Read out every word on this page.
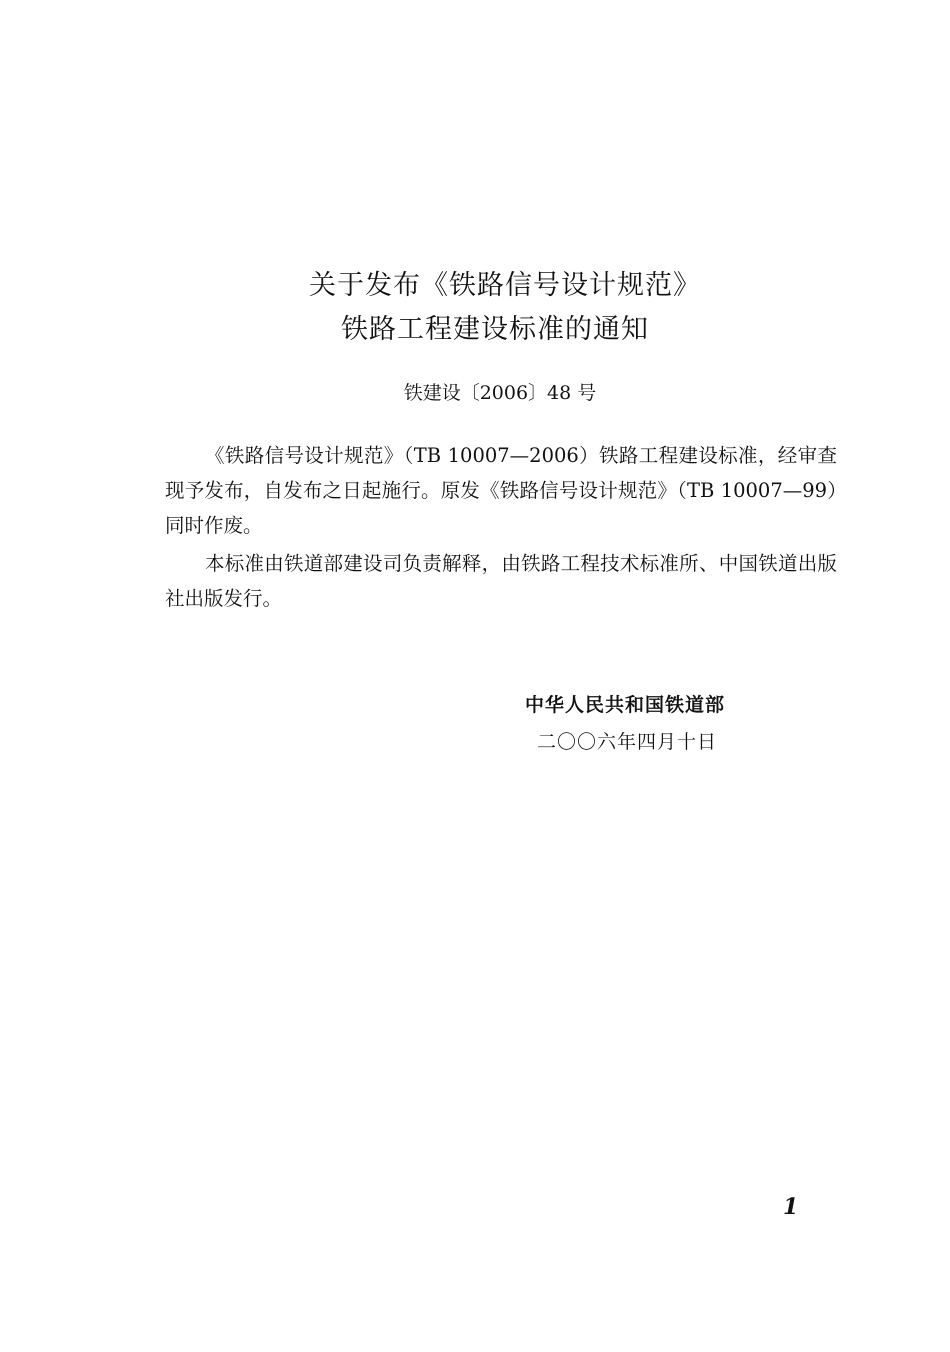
关于发布《铁路信号设计规范》
铁路工程建设标准的通知
铁建设〔2006〕48 号

《铁路信号设计规范》（TB 10007—2006）铁路工程建设标准，经审查现予发布，自发布之日起施行。原发《铁路信号设计规范》（TB 10007—99）同时作废。

本标准由铁道部建设司负责解释，由铁路工程技术标准所、中国铁道出版社出版发行。

中华人民共和国铁道部
二〇〇六年四月十日
1
